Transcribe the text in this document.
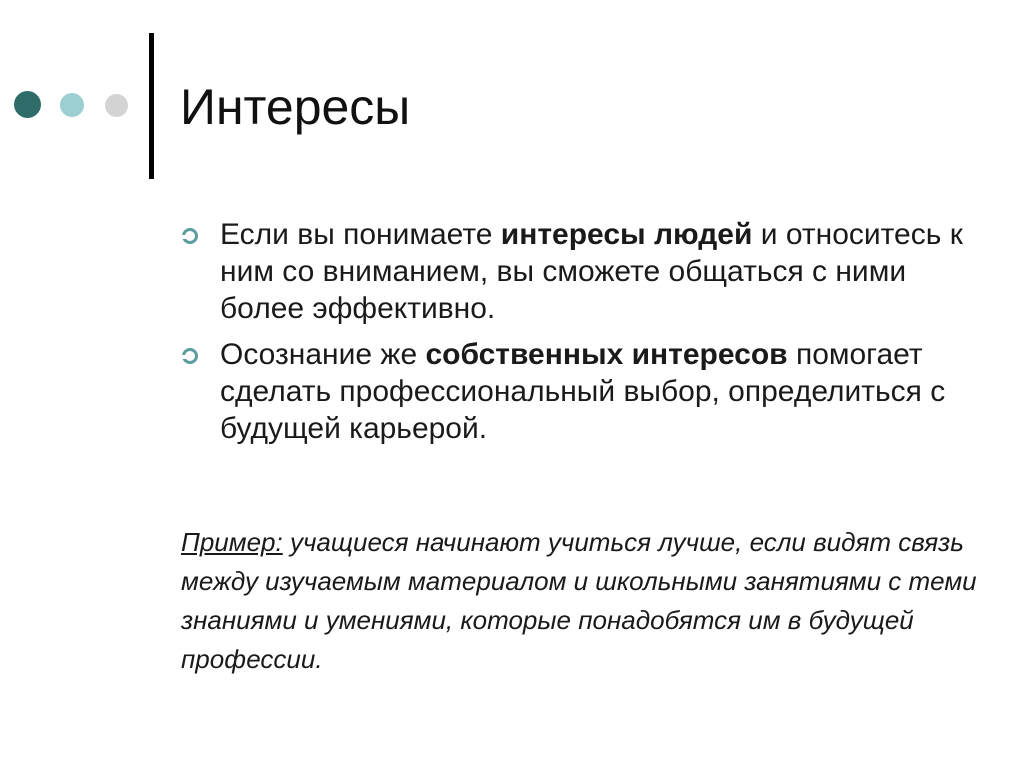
Интересы
Если вы понимаете интересы людей и относитесь к ним со вниманием, вы сможете общаться с ними более эффективно.
Осознание же собственных интересов помогает сделать профессиональный выбор, определиться с будущей карьерой.

Пример: учащиеся начинают учиться лучше, если видят связь между изучаемым материалом и школьными занятиями с теми знаниями и умениями, которые понадобятся им в будущей профессии.
